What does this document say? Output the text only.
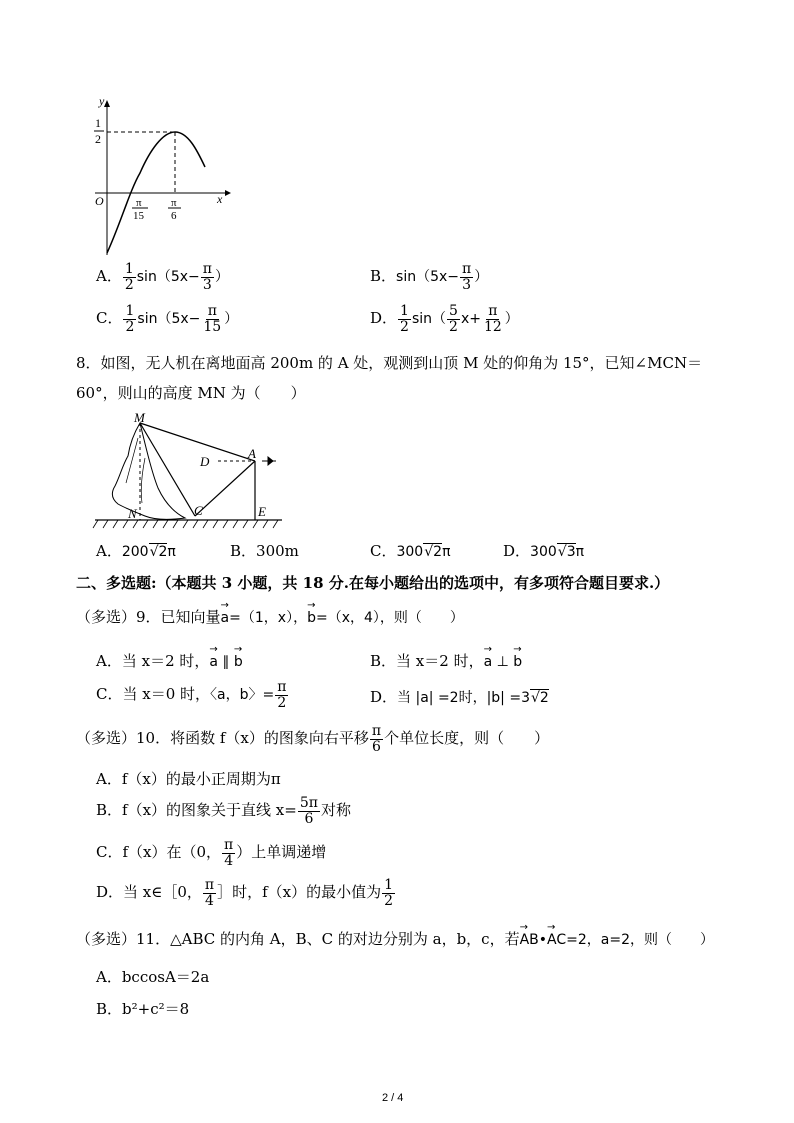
y
x
O
1
2
π
15
π
6
A． $\frac{1}{2} \sin(5x- \frac{\pi}{3}$ ）	B．$\sin(5x- \frac{\pi}{3}$ ）
C． $\frac{1}{2} \sin(5x- \frac{\pi}{15}$ ）	D． $\frac{1}{2} \sin( \frac{5}{2} x+ \frac{\pi}{12}$ ）
8．如图，无人机在离地面高 200m 的 A 处，观测到山顶 M 处的仰角为 15°，已知∠MCN＝
60°，则山的高度 MN 为（　　）
M
A
D
N	C	E
A．200√2π	B．300m	C．300√2π	D．300√3π
二、多选题:（本题共 3 小题，共 18 分.在每小题给出的选项中，有多项符合题目要求.）
（多选）9．已知向量→ a=（1，x），→ b=（x，4），则（　　）
A．当 x＝2 时，→ a ∥ → b	B．当 x＝2 时，→ a ⊥ → b
C．当 x＝0 时，〈a，b〉= $\frac{\pi}{2}$	D．当 |a| =2时，|b| =3√2
（多选）10．将函数 f（x）的图象向右平移 $\frac{\pi}{6}$ 个单位长度，则（　　）
A．f（x）的最小正周期为π
B．f（x）的图象关于直线 $x= \frac{5\pi}{6}$ 对称
C．f（x）在（0， $\frac{\pi}{4}$ ）上单调递增
D．当 x∈［0， $\frac{\pi}{4}$ ］时，f（x）的最小值为 $\frac{1}{2}$
（多选）11．△ABC 的内角 A，B、C 的对边分别为 a，b，c，若→ AB•→ AC=2，a=2，则（　　）
A．bccosA＝2a
B．b²+c²＝8
2 / 4
